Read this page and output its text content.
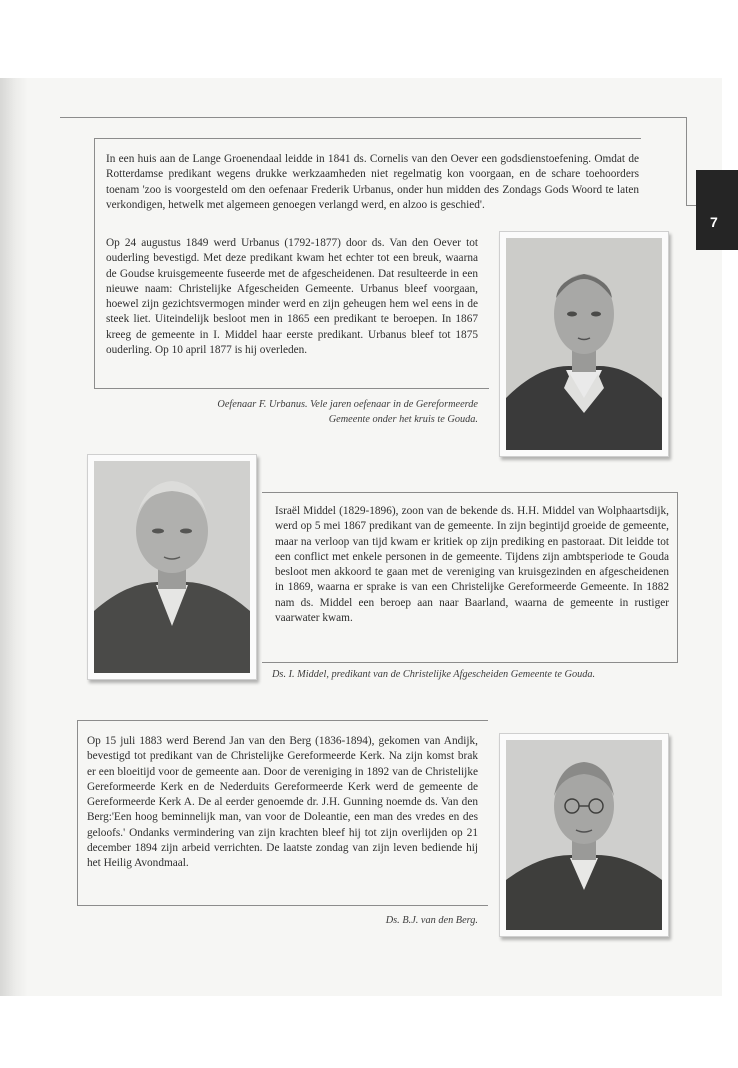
7

In een huis aan de Lange Groenendaal leidde in 1841 ds. Cornelis van den Oever een godsdienstoefening. Omdat de Rotterdamse predikant wegens drukke werkzaamheden niet regelmatig kon voorgaan, en de schare toehoorders toenam 'zoo is voorgesteld om den oefenaar Frederik Urbanus, onder hun midden des Zondags Gods Woord te laten verkondigen, hetwelk met algemeen genoegen verlangd werd, en alzoo is geschied'.

Op 24 augustus 1849 werd Urbanus (1792-1877) door ds. Van den Oever tot ouderling bevestigd. Met deze predikant kwam het echter tot een breuk, waarna de Goudse kruisgemeente fuseerde met de afgescheidenen. Dat resulteerde in een nieuwe naam: Christelijke Afgescheiden Gemeente. Urbanus bleef voorgaan, hoewel zijn gezichtsvermogen minder werd en zijn geheugen hem wel eens in de steek liet. Uiteindelijk besloot men in 1865 een predikant te beroepen. In 1867 kreeg de gemeente in I. Middel haar eerste predikant. Urbanus bleef tot 1875 ouderling. Op 10 april 1877 is hij overleden.

Oefenaar F. Urbanus. Vele jaren oefenaar in de Gereformeerde Gemeente onder het kruis te Gouda.

Israël Middel (1829-1896), zoon van de bekende ds. H.H. Middel van Wolphaartsdijk, werd op 5 mei 1867 predikant van de gemeente. In zijn begintijd groeide de gemeente, maar na verloop van tijd kwam er kritiek op zijn prediking en pastoraat. Dit leidde tot een conflict met enkele personen in de gemeente. Tijdens zijn ambtsperiode te Gouda besloot men akkoord te gaan met de vereniging van kruisgezinden en afgescheidenen in 1869, waarna er sprake is van een Christelijke Gereformeerde Gemeente. In 1882 nam ds. Middel een beroep aan naar Baarland, waarna de gemeente in rustiger vaarwater kwam.

Ds. I. Middel, predikant van de Christelijke Afgescheiden Gemeente te Gouda.

Op 15 juli 1883 werd Berend Jan van den Berg (1836-1894), gekomen van Andijk, bevestigd tot predikant van de Christelijke Gereformeerde Kerk. Na zijn komst brak er een bloeitijd voor de gemeente aan. Door de vereniging in 1892 van de Christelijke Gereformeerde Kerk en de Nederduits Gereformeerde Kerk werd de gemeente de Gereformeerde Kerk A. De al eerder genoemde dr. J.H. Gunning noemde ds. Van den Berg:'Een hoog beminnelijk man, van voor de Doleantie, een man des vredes en des geloofs.' Ondanks vermindering van zijn krachten bleef hij tot zijn overlijden op 21 december 1894 zijn arbeid verrichten. De laatste zondag van zijn leven bediende hij het Heilig Avondmaal.

Ds. B.J. van den Berg.
